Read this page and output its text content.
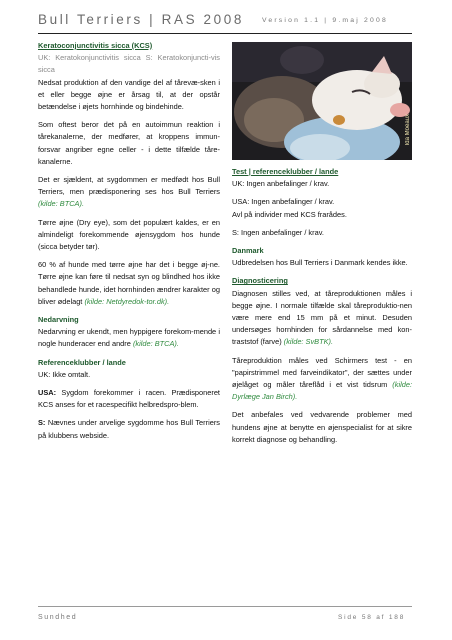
Bull Terriers | RAS 2008	Version 1.1 | 9.maj 2008

Keratoconjunctivitis sicca (KCS)
UK: Keratokonjunctivitis sicca S: Keratokonjuncti-vis sicca

Nedsat produktion af den vandige del af tårevæ-sken i et eller begge øjne er årsag til, at der opstår betændelse i øjets hornhinde og bindehinde.

Som oftest beror det på en autoimmun reaktion i tårekanalerne, der medfører, at kroppens immun-forsvar angriber egne celler - i dette tilfælde tåre-kanalerne.

Det er sjældent, at sygdommen er medfødt hos Bull Terriers, men prædisponering ses hos Bull Terriers (kilde: BTCA).

Tørre øjne (Dry eye), som det populært kaldes, er en almindeligt forekommende øjensygdom hos hunde (sicca betyder tør).

60 % af hunde med tørre øjne har det i begge øj-ne. Tørre øjne kan føre til nedsat syn og blindhed hos ikke behandlede hunde, idet hornhinden ændrer karakter og bliver ødelagt (kilde: Netdyredok-tor.dk).

Nedarvning
Nedarvning er ukendt, men hyppigere forekom-mende i nogle hunderacer end andre (kilde: BTCA).

Referenceklubber / lande
UK: Ikke omtalt.

USA: Sygdom forekommer i racen. Prædisponeret KCS anses for et racespecifikt helbredspro-blem.

S: Nævnes under arvelige sygdomme hos Bull Terriers på klubbens webside.

Ida Moeaux

Test | referenceklubber / lande
UK: Ingen anbefalinger / krav.

USA: Ingen anbefalinger / krav.
Avl på individer med KCS frarådes.

S: Ingen anbefalinger / krav.

Danmark
Udbredelsen hos Bull Terriers i Danmark kendes ikke.

Diagnosticering
Diagnosen stilles ved, at tåreproduktionen måles i begge øjne. I normale tilfælde skal tåreproduktio-nen være mere end 15 mm på et minut. Desuden undersøges hornhinden for sårdannelse med kon-traststof (farve) (kilde: SvBTK).

Tåreproduktion måles ved Schirmers test - en "papirstrimmel med farveindikator", der sættes under øjelåget og måler tåreflåd i et vist tidsrum (kilde: Dyrlæge Jan Birch).

Det anbefales ved vedvarende problemer med hundens øjne at benytte en øjenspecialist for at sikre korrekt diagnose og behandling.

Sundhed	Side 58 af 188
